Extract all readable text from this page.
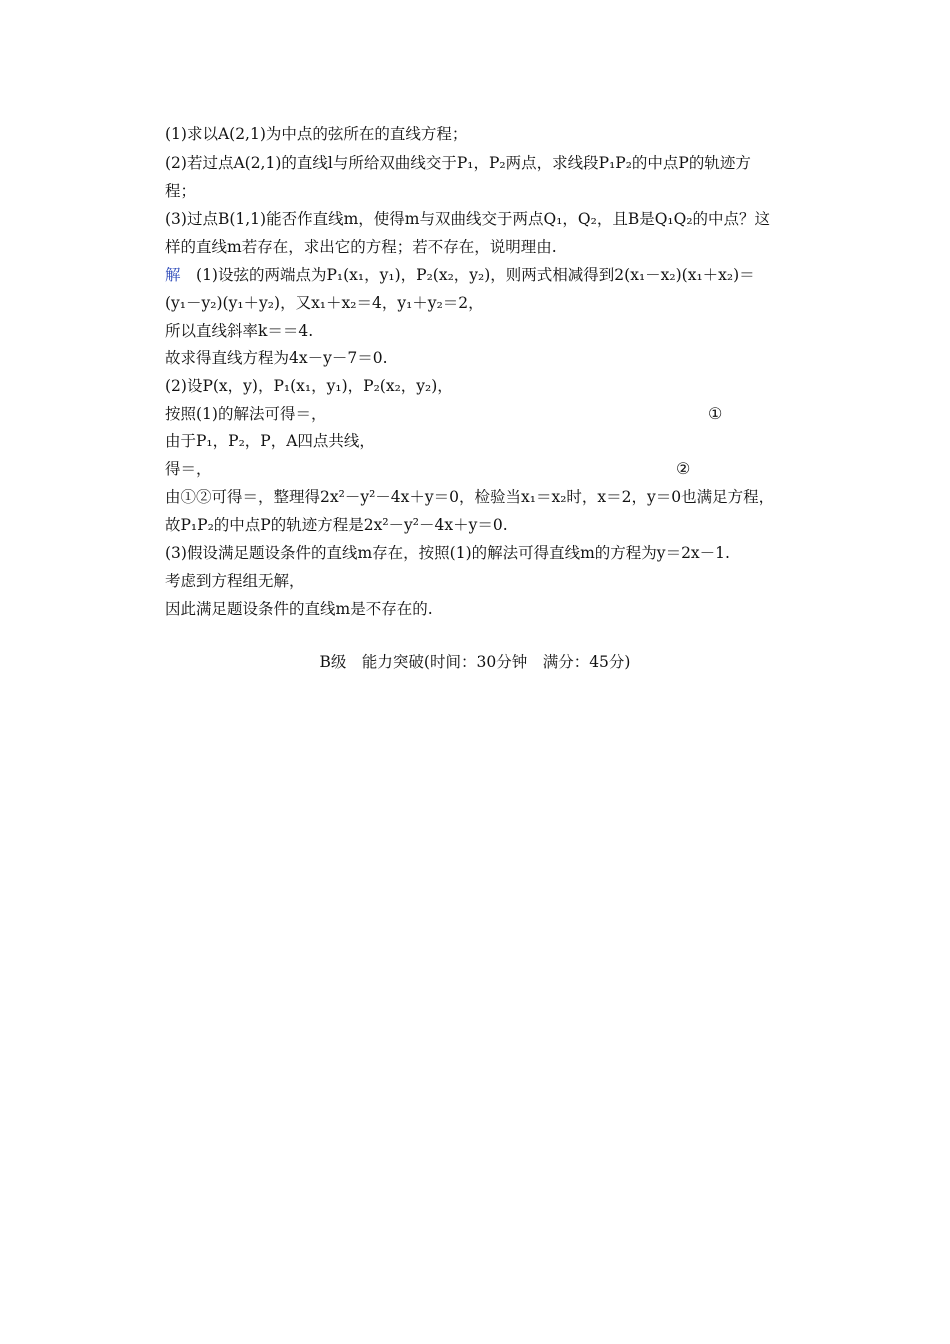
(1)求以A(2,1)为中点的弦所在的直线方程；
(2)若过点A(2,1)的直线l与所给双曲线交于P₁，P₂两点，求线段P₁P₂的中点P的轨迹方
程；
(3)过点B(1,1)能否作直线m，使得m与双曲线交于两点Q₁，Q₂，且B是Q₁Q₂的中点？这
样的直线m若存在，求出它的方程；若不存在，说明理由.
解　(1)设弦的两端点为P₁(x₁，y₁)，P₂(x₂，y₂)，则两式相减得到2(x₁－x₂)(x₁＋x₂)＝
(y₁－y₂)(y₁＋y₂)，又x₁＋x₂＝4，y₁＋y₂＝2，
所以直线斜率k＝＝4.
故求得直线方程为4x－y－7＝0.
(2)设P(x，y)，P₁(x₁，y₁)，P₂(x₂，y₂)，
按照(1)的解法可得＝，	①
由于P₁，P₂，P，A四点共线，
得＝，	②
由①②可得＝，整理得2x²－y²－4x＋y＝0，检验当x₁＝x₂时，x＝2，y＝0也满足方程，
故P₁P₂的中点P的轨迹方程是2x²－y²－4x＋y＝0.
(3)假设满足题设条件的直线m存在，按照(1)的解法可得直线m的方程为y＝2x－1.
考虑到方程组无解，
因此满足题设条件的直线m是不存在的.
B级　能力突破(时间：30分钟　满分：45分)
